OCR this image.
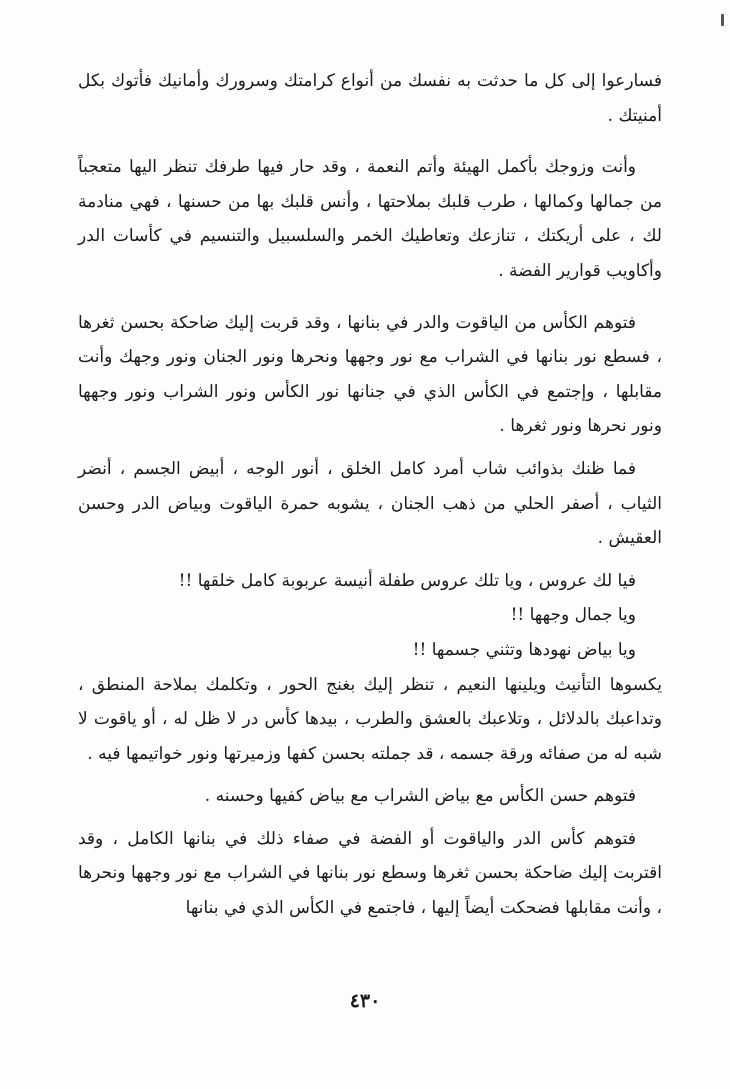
فسارعوا إلى كل ما حدثت به نفسك من أنواع كرامتك وسرورك وأمانيك فأتوك بكل أمنيتك .

وأنت وزوجك بأكمل الهيئة وأتم النعمة ، وقد حار فيها طرفك تنظر اليها متعجباً من جمالها وكمالها ، طرب قلبك بملاحتها ، وأنس قلبك بها من حسنها ، فهي منادمة لك ، على أريكتك ، تنازعك وتعاطيك الخمر والسلسبيل والتنسيم في كأسات الدر وأكاويب قوارير الفضة .

فتوهم الكأس من الياقوت والدر في بنانها ، وقد قربت إليك ضاحكة بحسن ثغرها ، فسطع نور بنانها في الشراب مع نور وجهها ونحرها ونور الجنان ونور وجهك وأنت مقابلها ، وإجتمع في الكأس الذي في جنانها نور الكأس ونور الشراب ونور وجهها ونور نحرها ونور ثغرها .

فما ظنك بذوائب شاب أمرد كامل الخلق ، أنور الوجه ، أبيض الجسم ، أنضر الثياب ، أصفر الحلي من ذهب الجنان ، يشوبه حمرة الياقوت وبياض الدر وحسن العقيش .

فيا لك عروس ، ويا تلك عروس طفلة أنيسة عربوبة كامل خلقها !!

ويا جمال وجهها !!

ويا بياض نهودها وتثني جسمها !!

يكسوها التأنيث ويلينها النعيم ، تنظر إليك بغنج الحور ، وتكلمك بملاحة المنطق ، وتداعبك بالدلائل ، وتلاعبك بالعشق والطرب ، بيدها كأس در لا ظل له ، أو ياقوت لا شبه له من صفائه ورقة جسمه ، قد جملته بحسن كفها وزميرتها ونور خواتيمها فيه .

فتوهم حسن الكأس مع بياض الشراب مع بياض كفيها وحسنه .

فتوهم كأس الدر والياقوت أو الفضة في صفاء ذلك في بنانها الكامل ، وقد اقتربت إليك ضاحكة بحسن ثغرها وسطع نور بنانها في الشراب مع نور وجهها ونحرها ، وأنت مقابلها فضحكت أيضاً إليها ، فاجتمع في الكأس الذي في بنانها

٤٣٠
